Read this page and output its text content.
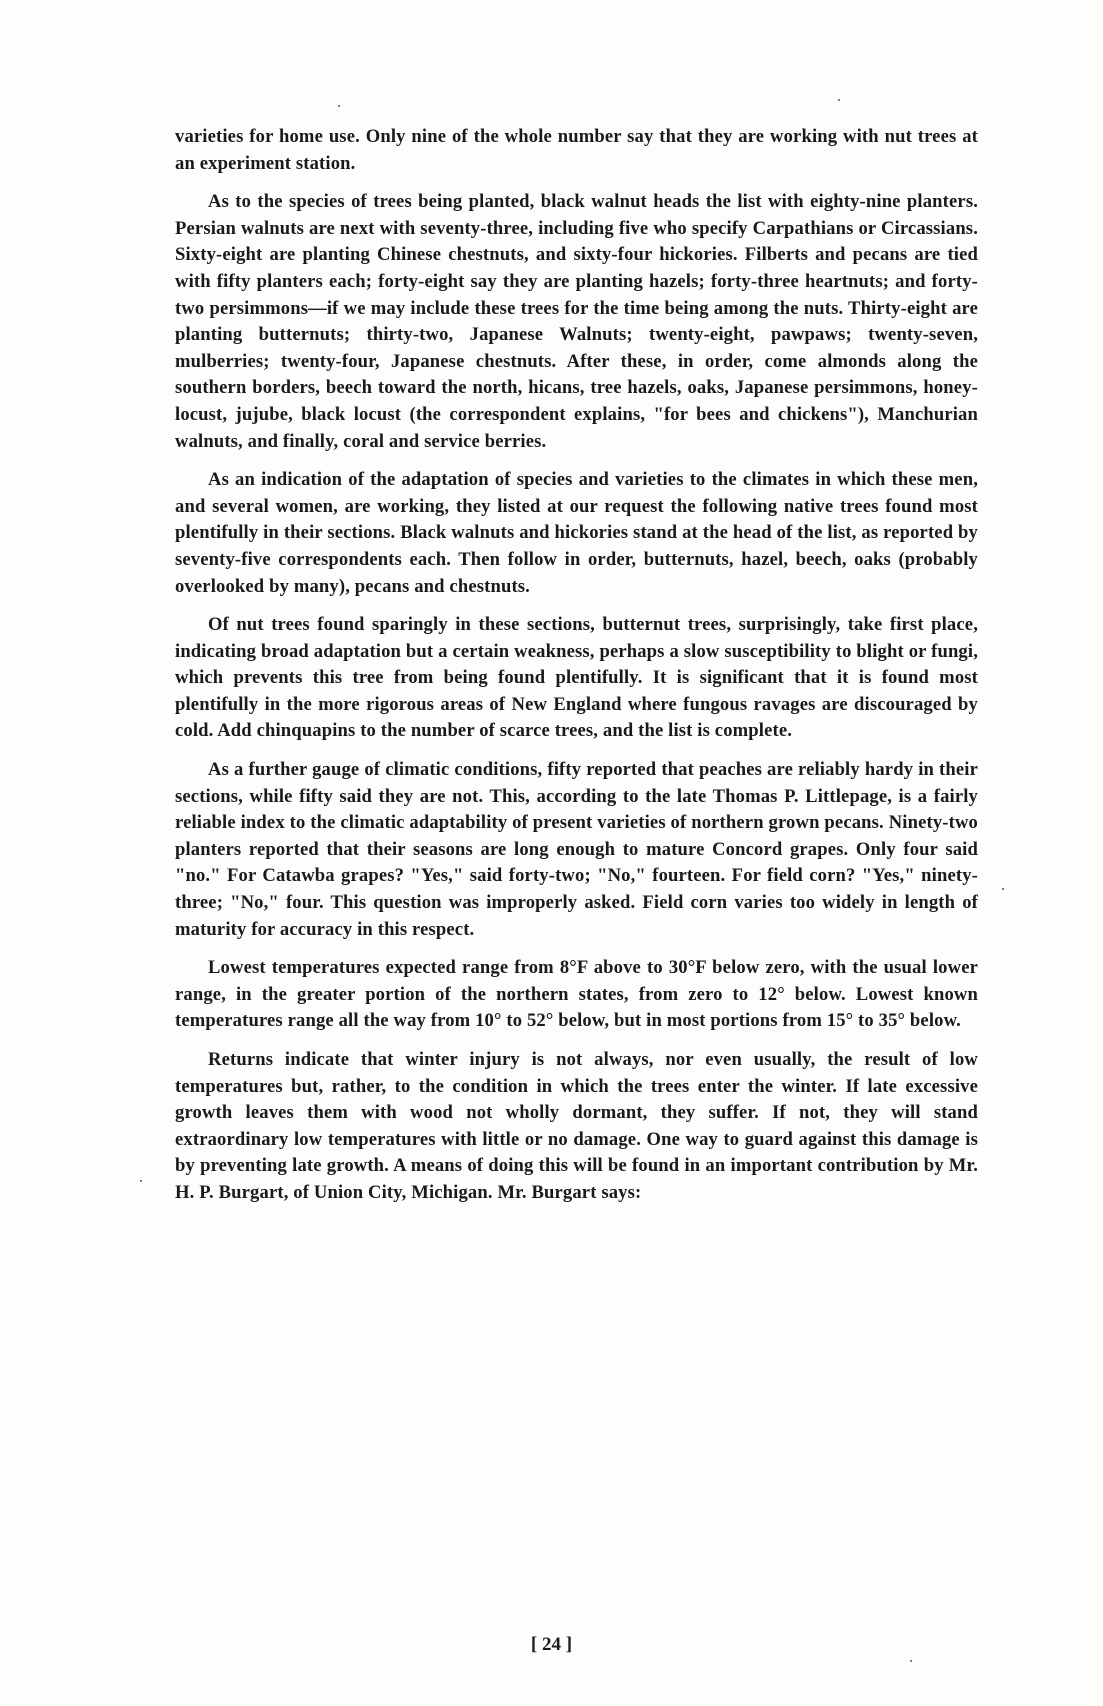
varieties for home use. Only nine of the whole number say that they are working with nut trees at an experiment station.

As to the species of trees being planted, black walnut heads the list with eighty-nine planters. Persian walnuts are next with seventy-three, including five who specify Carpathians or Circassians. Sixty-eight are planting Chinese chestnuts, and sixty-four hickories. Filberts and pecans are tied with fifty planters each; forty-eight say they are planting hazels; forty-three heartnuts; and forty-two persimmons—if we may include these trees for the time being among the nuts. Thirty-eight are planting butternuts; thirty-two, Japanese Walnuts; twenty-eight, pawpaws; twenty-seven, mulberries; twenty-four, Japanese chestnuts. After these, in order, come almonds along the southern borders, beech toward the north, hicans, tree hazels, oaks, Japanese persimmons, honey-locust, jujube, black locust (the correspondent explains, "for bees and chickens"), Manchurian walnuts, and finally, coral and service berries.

As an indication of the adaptation of species and varieties to the climates in which these men, and several women, are working, they listed at our request the following native trees found most plentifully in their sections. Black walnuts and hickories stand at the head of the list, as reported by seventy-five correspondents each. Then follow in order, butternuts, hazel, beech, oaks (probably overlooked by many), pecans and chestnuts.

Of nut trees found sparingly in these sections, butternut trees, surprisingly, take first place, indicating broad adaptation but a certain weakness, perhaps a slow susceptibility to blight or fungi, which prevents this tree from being found plentifully. It is significant that it is found most plentifully in the more rigorous areas of New England where fungous ravages are discouraged by cold. Add chinquapins to the number of scarce trees, and the list is complete.

As a further gauge of climatic conditions, fifty reported that peaches are reliably hardy in their sections, while fifty said they are not. This, according to the late Thomas P. Littlepage, is a fairly reliable index to the climatic adaptability of present varieties of northern grown pecans. Ninety-two planters reported that their seasons are long enough to mature Concord grapes. Only four said "no." For Catawba grapes? "Yes," said forty-two; "No," fourteen. For field corn? "Yes," ninety-three; "No," four. This question was improperly asked. Field corn varies too widely in length of maturity for accuracy in this respect.

Lowest temperatures expected range from 8°F above to 30°F below zero, with the usual lower range, in the greater portion of the northern states, from zero to 12° below. Lowest known temperatures range all the way from 10° to 52° below, but in most portions from 15° to 35° below.

Returns indicate that winter injury is not always, nor even usually, the result of low temperatures but, rather, to the condition in which the trees enter the winter. If late excessive growth leaves them with wood not wholly dormant, they suffer. If not, they will stand extraordinary low temperatures with little or no damage. One way to guard against this damage is by preventing late growth. A means of doing this will be found in an important contribution by Mr. H. P. Burgart, of Union City, Michigan. Mr. Burgart says:

[ 24 ]
